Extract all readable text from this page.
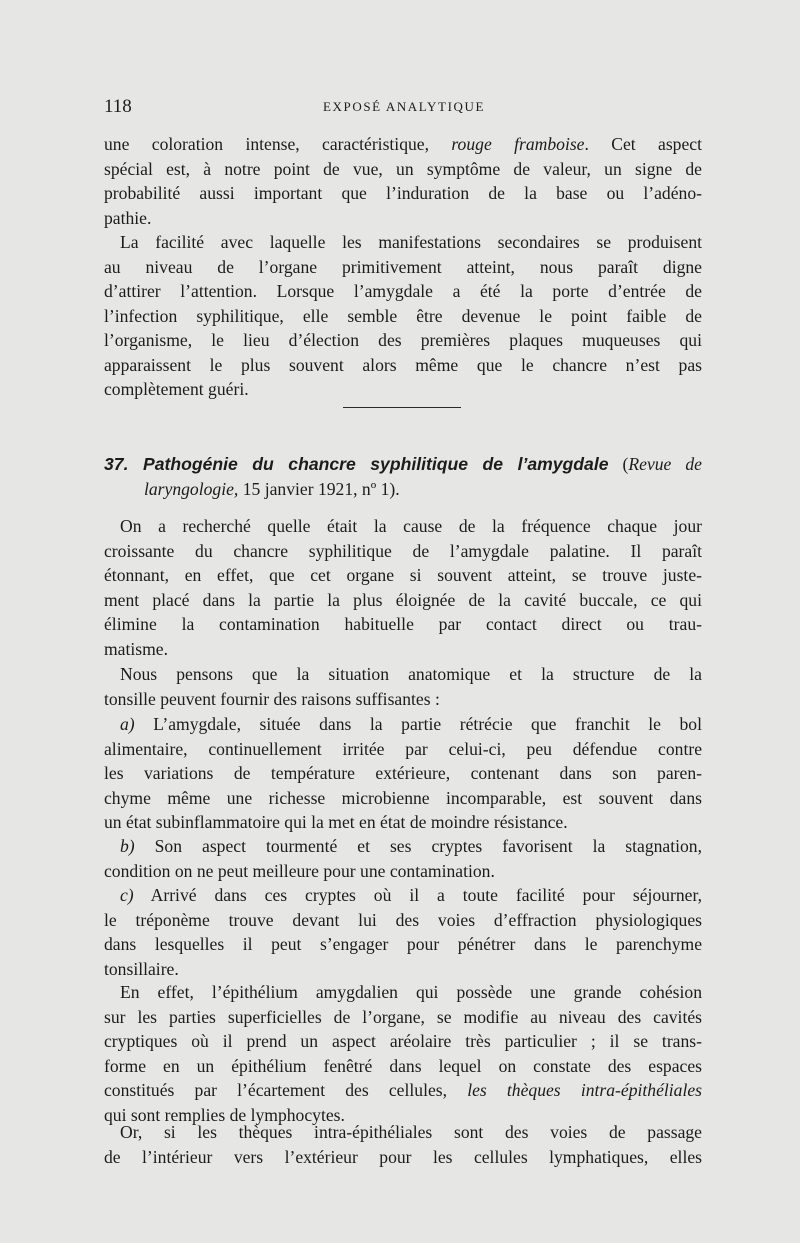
118	EXPOSÉ ANALYTIQUE
une coloration intense, caractéristique, rouge framboise. Cet aspect
spécial est, à notre point de vue, un symptôme de valeur, un signe de
probabilité aussi important que l’induration de la base ou l’adéno-
pathie.
La facilité avec laquelle les manifestations secondaires se produisent
au niveau de l’organe primitivement atteint, nous paraît digne
d’attirer l’attention. Lorsque l’amygdale a été la porte d’entrée de
l’infection syphilitique, elle semble être devenue le point faible de
l’organisme, le lieu d’élection des premières plaques muqueuses qui
apparaissent le plus souvent alors même que le chancre n’est pas
complètement guéri.
37. Pathogénie du chancre syphilitique de l’amygdale (Revue de
laryngologie, 15 janvier 1921, nº 1).
On a recherché quelle était la cause de la fréquence chaque jour
croissante du chancre syphilitique de l’amygdale palatine. Il paraît
étonnant, en effet, que cet organe si souvent atteint, se trouve juste-
ment placé dans la partie la plus éloignée de la cavité buccale, ce qui
élimine la contamination habituelle par contact direct ou trau-
matisme.
Nous pensons que la situation anatomique et la structure de la
tonsille peuvent fournir des raisons suffisantes :
a) L’amygdale, située dans la partie rétrécie que franchit le bol
alimentaire, continuellement irritée par celui-ci, peu défendue contre
les variations de température extérieure, contenant dans son paren-
chyme même une richesse microbienne incomparable, est souvent dans
un état subinflammatoire qui la met en état de moindre résistance.
b) Son aspect tourmenté et ses cryptes favorisent la stagnation,
condition on ne peut meilleure pour une contamination.
c) Arrivé dans ces cryptes où il a toute facilité pour séjourner,
le tréponème trouve devant lui des voies d’effraction physiologiques
dans lesquelles il peut s’engager pour pénétrer dans le parenchyme
tonsillaire.
En effet, l’épithélium amygdalien qui possède une grande cohésion
sur les parties superficielles de l’organe, se modifie au niveau des cavités
cryptiques où il prend un aspect aréolaire très particulier ; il se trans-
forme en un épithélium fenêtré dans lequel on constate des espaces
constitués par l’écartement des cellules, les thèques intra-épithéliales
qui sont remplies de lymphocytes.
Or, si les thèques intra-épithéliales sont des voies de passage
de l’intérieur vers l’extérieur pour les cellules lymphatiques, elles
